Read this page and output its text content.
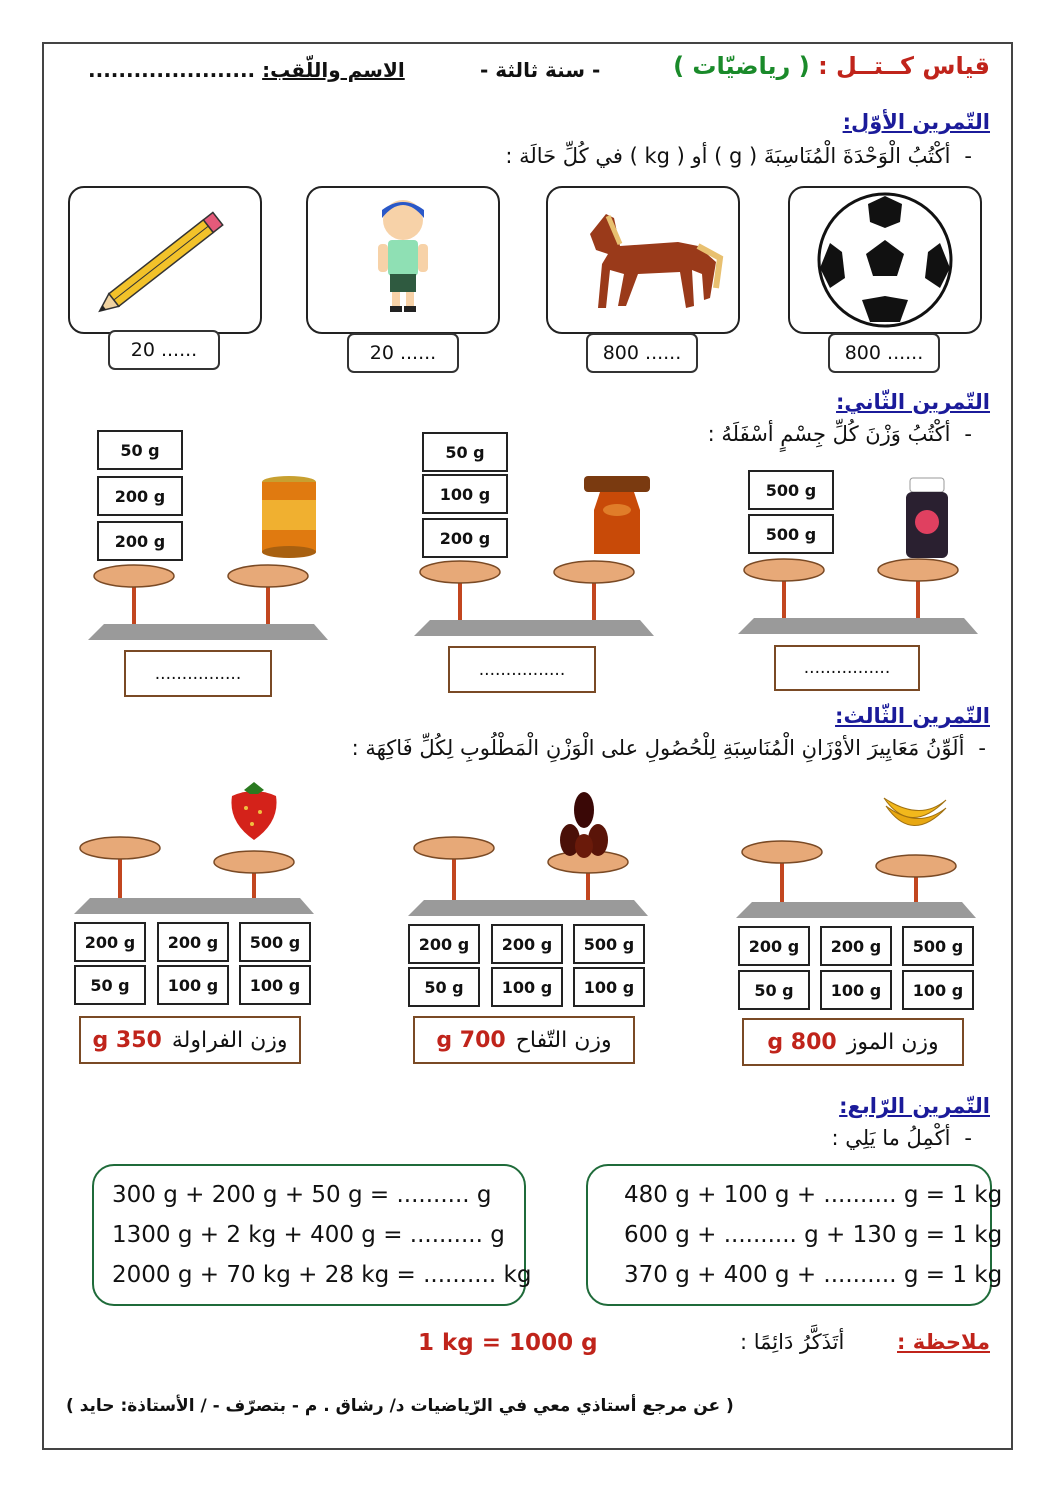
قياس كــتــل : ( رياضيّات )
- سنة ثالثة -
الاسم واللّقب: ......................
التّمرين الأوّل:
-أكْتُبُ الْوَحْدَةَ الْمُنَاسِبَةَ ( g ) أو ( kg ) في كُلِّ حَالَة :
800 ......
800 ......
20 ......
20 ......
التّمرين الثّاني:
-أكْتُبُ وَزْنَ كُلِّ جِسْمٍ أسْفَلَهُ :
500 g
500 g
................
50 g
100 g
200 g
................
50 g
200 g
200 g
................
التّمرين الثّالث:
-ألَوِّنُ مَعَايِيرَ الأوْزَانِ الْمُنَاسِبَةِ لِلْحُصُولِ على الْوَزْنِ الْمَطْلُوبِ لِكُلِّ فَاكِهَة :
200 g	200 g	500 g
50 g	100 g	100 g
وزن الموز
800 g
200 g	200 g	500 g
50 g	100 g	100 g
وزن التّفاح
700 g
200 g	200 g	500 g
50 g	100 g	100 g
وزن الفراولة
350 g
التّمرين الرّابع:
-أكْمِلُ ما يَلِي :
480 g + 100 g + .......... g = 1 kg
600 g + .......... g + 130 g = 1 kg
370 g + 400 g + .......... g = 1 kg
300 g + 200 g + 50 g = .......... g
1300 g + 2 kg + 400 g = .......... g
2000 g + 70 kg + 28 kg = .......... kg
ملاحظة :
أتَذَكَّرُ دَائِمًا :
1 kg = 1000 g
( عن مرجع أستاذي معي في الرّياضيات د/ رشاق . م - بتصرّف - / الأستاذة: حايد )
